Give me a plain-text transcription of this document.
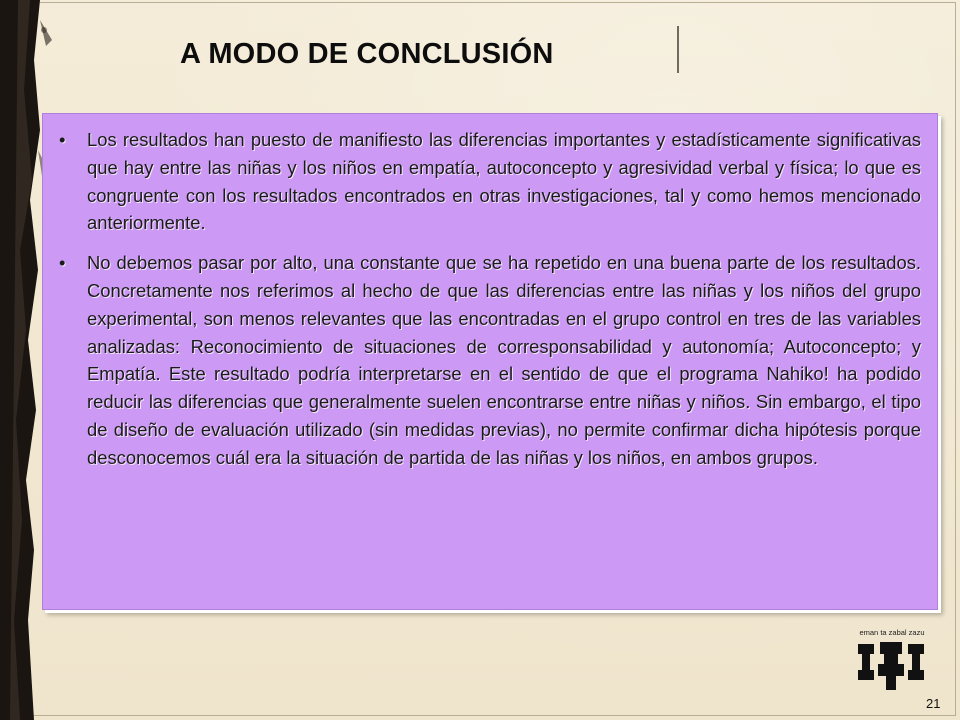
A MODO DE CONCLUSIÓN
•	Los resultados han puesto de manifiesto las diferencias importantes y estadísticamente significativas que hay entre las niñas y los niños en empatía, autoconcepto y agresividad verbal y física; lo que es congruente con los resultados encontrados en otras investigaciones, tal y como hemos mencionado anteriormente.
•	No debemos pasar por alto, una constante que se ha repetido en una buena parte de los resultados. Concretamente nos referimos al hecho de que las diferencias entre las niñas y los niños del grupo experimental, son menos relevantes que las encontradas en el grupo control en tres de las variables analizadas: Reconocimiento de situaciones de corresponsabilidad y autonomía; Autoconcepto; y Empatía. Este resultado podría interpretarse en el sentido de que el programa Nahiko! ha podido reducir las diferencias que generalmente suelen encontrarse entre niñas y niños. Sin embargo, el tipo de diseño de evaluación utilizado (sin medidas previas), no permite confirmar dicha hipótesis porque desconocemos cuál era la situación de partida de las niñas y los niños, en ambos grupos.
eman ta zabal zazu
21
